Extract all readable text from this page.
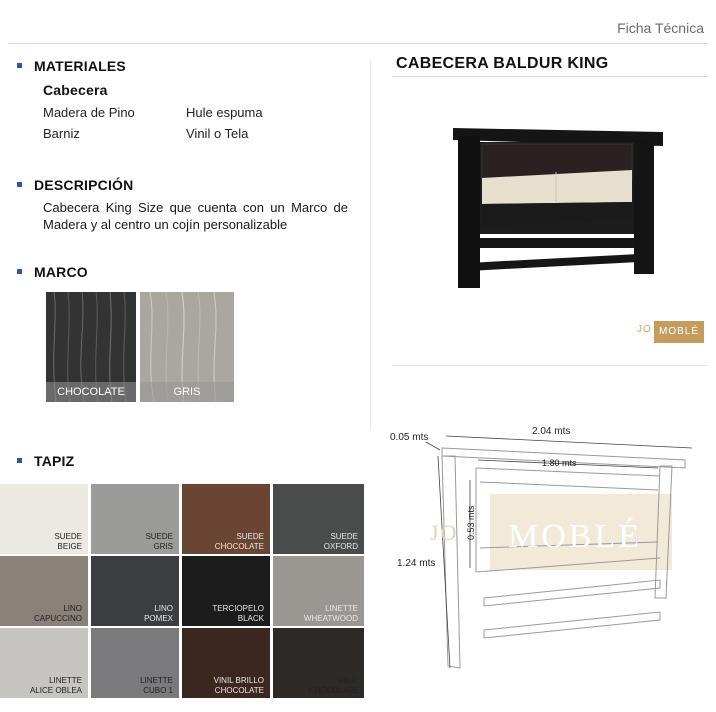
Ficha Técnica
MATERIALES
Cabecera
Madera de Pino	Hule espuma
Barniz	Vinil o Tela
DESCRIPCIÓN
Cabecera King Size que cuenta con un Marco de Madera y al centro un cojín personalizable
MARCO
CHOCOLATE	GRIS
TAPIZ
SUEDE
BEIGE
SUEDE
GRIS
SUEDE
CHOCOLATE
SUEDE
OXFORD
LINO
CAPUCCINO
LINO
POMEX
TERCIOPELO
BLACK
LINETTE
WHEATWOOD
LINETTE
ALICE OBLEA
LINETTE
CUBO 1
VINIL BRILLO
CHOCOLATE
VINIL
CHOCOLATE
CABECERA BALDUR KING
JO MOBLÉ
0.05 mts
2.04 mts
1.80 mts
0.53 mts
1.24 mts
JO MOBLÉ
